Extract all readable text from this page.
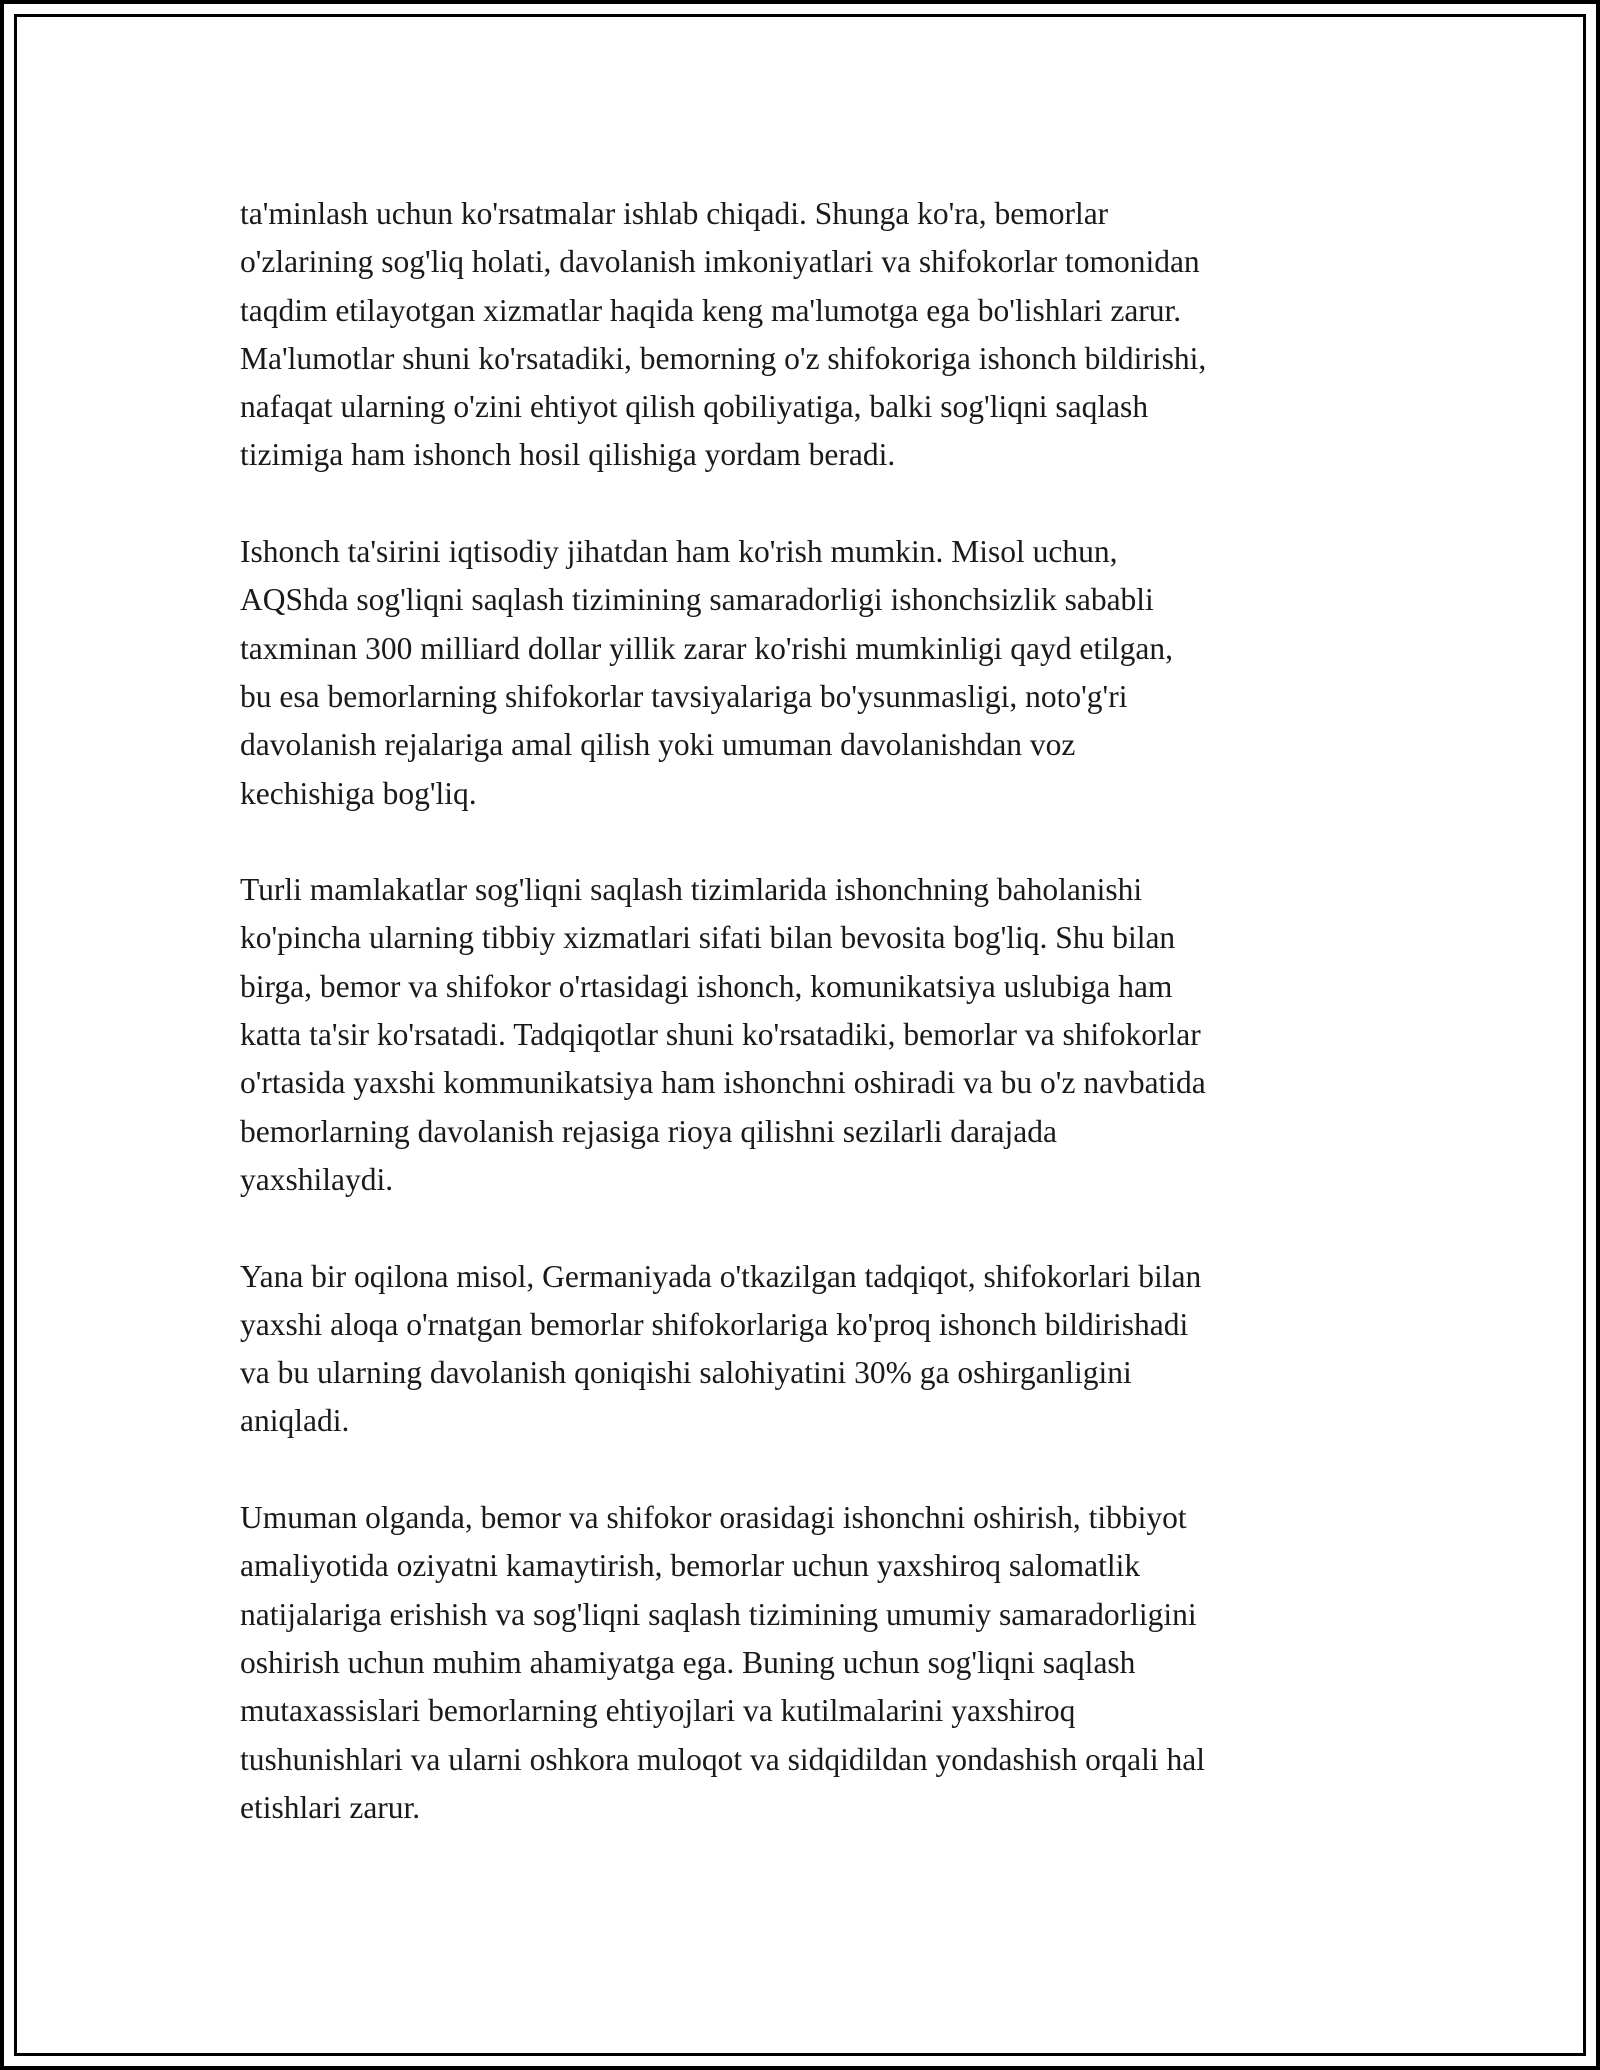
ta'minlash uchun ko'rsatmalar ishlab chiqadi. Shunga ko'ra, bemorlar
o'zlarining sog'liq holati, davolanish imkoniyatlari va shifokorlar tomonidan
taqdim etilayotgan xizmatlar haqida keng ma'lumotga ega bo'lishlari zarur.
Ma'lumotlar shuni ko'rsatadiki, bemorning o'z shifokoriga ishonch bildirishi,
nafaqat ularning o'zini ehtiyot qilish qobiliyatiga, balki sog'liqni saqlash
tizimiga ham ishonch hosil qilishiga yordam beradi.

Ishonch ta'sirini iqtisodiy jihatdan ham ko'rish mumkin. Misol uchun,
AQShda sog'liqni saqlash tizimining samaradorligi ishonchsizlik sababli
taxminan 300 milliard dollar yillik zarar ko'rishi mumkinligi qayd etilgan,
bu esa bemorlarning shifokorlar tavsiyalariga bo'ysunmasligi, noto'g'ri
davolanish rejalariga amal qilish yoki umuman davolanishdan voz
kechishiga bog'liq.

Turli mamlakatlar sog'liqni saqlash tizimlarida ishonchning baholanishi
ko'pincha ularning tibbiy xizmatlari sifati bilan bevosita bog'liq. Shu bilan
birga, bemor va shifokor o'rtasidagi ishonch, komunikatsiya uslubiga ham
katta ta'sir ko'rsatadi. Tadqiqotlar shuni ko'rsatadiki, bemorlar va shifokorlar
o'rtasida yaxshi kommunikatsiya ham ishonchni oshiradi va bu o'z navbatida
bemorlarning davolanish rejasiga rioya qilishni sezilarli darajada
yaxshilaydi.

Yana bir oqilona misol, Germaniyada o'tkazilgan tadqiqot, shifokorlari bilan
yaxshi aloqa o'rnatgan bemorlar shifokorlariga ko'proq ishonch bildirishadi
va bu ularning davolanish qoniqishi salohiyatini 30% ga oshirganligini
aniqladi.

Umuman olganda, bemor va shifokor orasidagi ishonchni oshirish, tibbiyot
amaliyotida oziyatni kamaytirish, bemorlar uchun yaxshiroq salomatlik
natijalariga erishish va sog'liqni saqlash tizimining umumiy samaradorligini
oshirish uchun muhim ahamiyatga ega. Buning uchun sog'liqni saqlash
mutaxassislari bemorlarning ehtiyojlari va kutilmalarini yaxshiroq
tushunishlari va ularni oshkora muloqot va sidqidildan yondashish orqali hal
etishlari zarur.
